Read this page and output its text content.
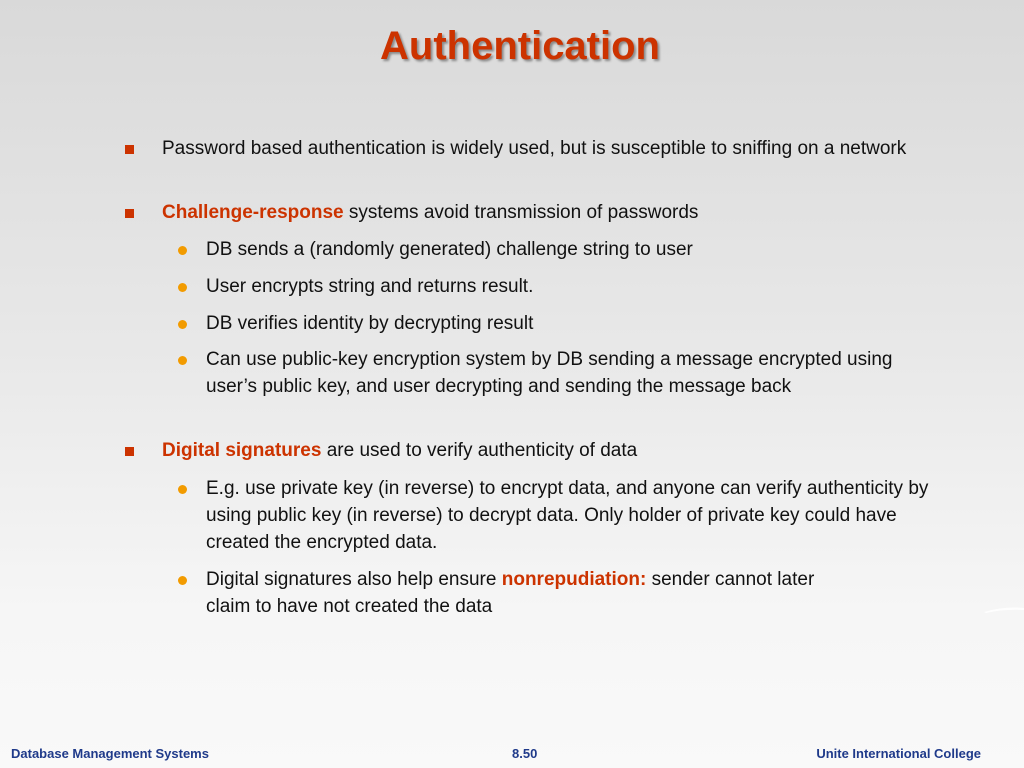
Authentication
Password based authentication is widely used, but is susceptible to sniffing on a network
Challenge-response systems avoid transmission of passwords
DB sends a (randomly generated) challenge string to user
User encrypts string and returns result.
DB verifies identity by decrypting result
Can use public-key encryption system by DB sending a message encrypted using user’s public key, and user decrypting and sending the message back
Digital signatures are used to verify authenticity of data
E.g. use private key (in reverse) to encrypt data, and anyone can verify authenticity by using public key (in reverse) to decrypt data. Only holder of private key could have created the encrypted data.
Digital signatures also help ensure nonrepudiation: sender cannot later claim to have not created the data
Database Management Systems	8.50	Unite International College
